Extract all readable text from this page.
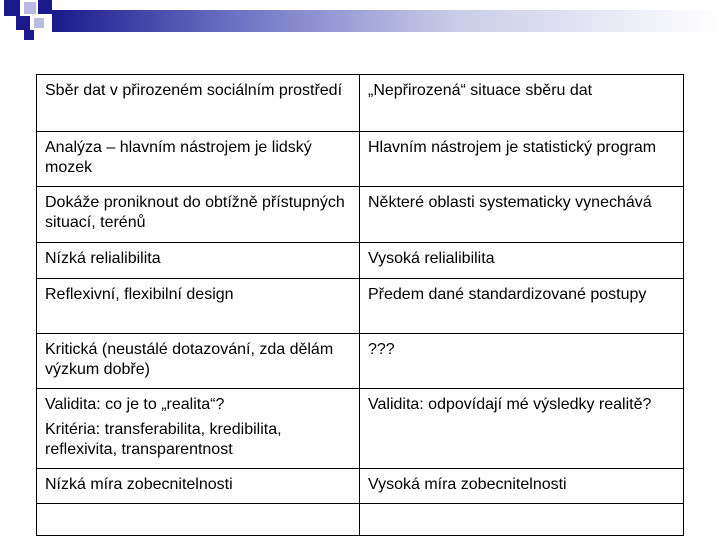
Sběr dat v přirozeném sociálním prostředí	„Nepřirozená“ situace sběru dat

Analýza – hlavním nástrojem je lidský mozek	Hlavním nástrojem je statistický program

Dokáže proniknout do obtížně přístupných situací, terénů	Některé oblasti systematicky vynechává

Nízká relialibilita	Vysoká relialibilita

Reflexivní, flexibilní design	Předem dané standardizované postupy

Kritická (neustálé dotazování, zda dělám výzkum dobře)	???

Validita: co je to „realita“?
Kritéria: transferabilita, kredibilita, reflexivita, transparentnost	Validita: odpovídají mé výsledky realitě?

Nízká míra zobecnitelnosti	Vysoká míra zobecnitelnosti
